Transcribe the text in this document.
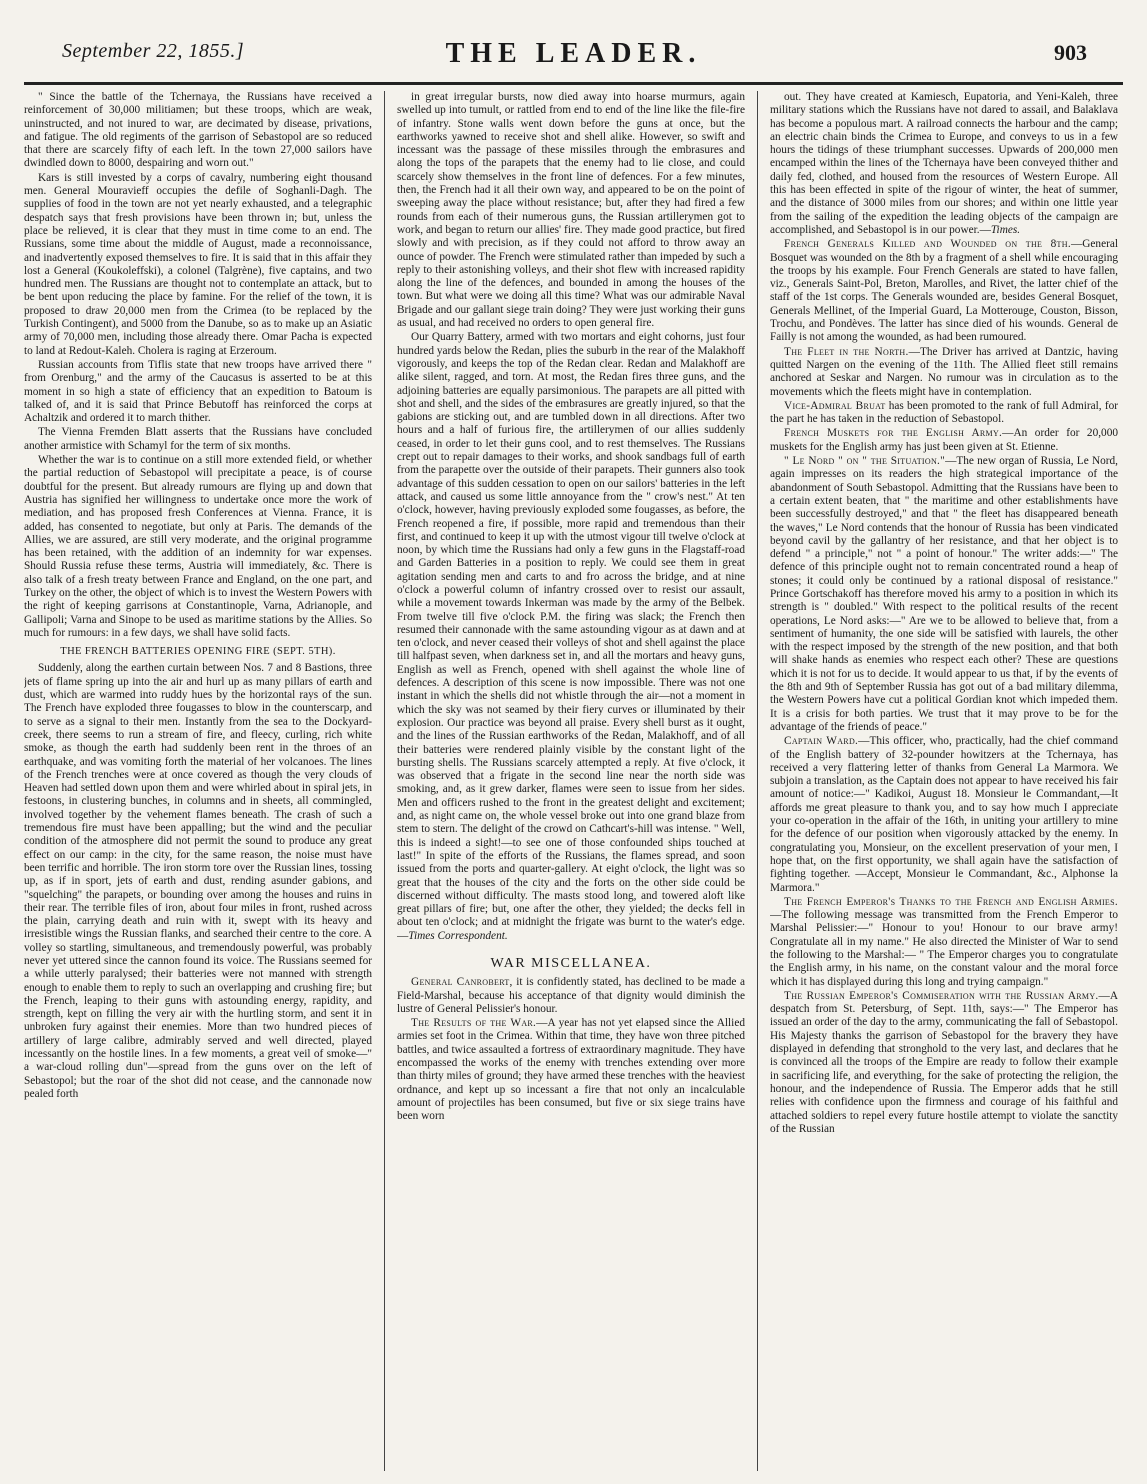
September 22, 1855.]	THE LEADER.	903

" Since the battle of the Tchernaya, the Russians have received a reinforcement of 30,000 militiamen; but these troops, which are weak, uninstructed, and not inured to war, are decimated by disease, privations, and fatigue. The old regiments of the garrison of Sebastopol are so reduced that there are scarcely fifty of each left. In the town 27,000 sailors have dwindled down to 8000, despairing and worn out."

Kars is still invested by a corps of cavalry, numbering eight thousand men. General Mouravieff occupies the defile of Soghanli-Dagh. The supplies of food in the town are not yet nearly exhausted, and a telegraphic despatch says that fresh provisions have been thrown in; but, unless the place be relieved, it is clear that they must in time come to an end. The Russians, some time about the middle of August, made a reconnoissance, and inadvertently exposed themselves to fire. It is said that in this affair they lost a General (Koukoleffski), a colonel (Talgrène), five captains, and two hundred men. The Russians are thought not to contemplate an attack, but to be bent upon reducing the place by famine. For the relief of the town, it is proposed to draw 20,000 men from the Crimea (to be replaced by the Turkish Contingent), and 5000 from the Danube, so as to make up an Asiatic army of 70,000 men, including those already there. Omar Pacha is expected to land at Redout-Kaleh. Cholera is raging at Erzeroum.

Russian accounts from Tiflis state that new troops have arrived there " from Orenburg," and the army of the Caucasus is asserted to be at this moment in so high a state of efficiency that an expedition to Batoum is talked of, and it is said that Prince Bebutoff has reinforced the corps at Achaltzik and ordered it to march thither.

The Vienna Fremden Blatt asserts that the Russians have concluded another armistice with Schamyl for the term of six months.

Whether the war is to continue on a still more extended field, or whether the partial reduction of Sebastopol will precipitate a peace, is of course doubtful for the present. But already rumours are flying up and down that Austria has signified her willingness to undertake once more the work of mediation, and has proposed fresh Conferences at Vienna. France, it is added, has consented to negotiate, but only at Paris. The demands of the Allies, we are assured, are still very moderate, and the original programme has been retained, with the addition of an indemnity for war expenses. Should Russia refuse these terms, Austria will immediately, &c. There is also talk of a fresh treaty between France and England, on the one part, and Turkey on the other, the object of which is to invest the Western Powers with the right of keeping garrisons at Constantinople, Varna, Adrianople, and Gallipoli; Varna and Sinope to be used as maritime stations by the Allies. So much for rumours: in a few days, we shall have solid facts.

THE FRENCH BATTERIES OPENING FIRE (SEPT. 5TH).

Suddenly, along the earthen curtain between Nos. 7 and 8 Bastions, three jets of flame spring up into the air and hurl up as many pillars of earth and dust, which are warmed into ruddy hues by the horizontal rays of the sun. The French have exploded three fougasses to blow in the counterscarp, and to serve as a signal to their men. Instantly from the sea to the Dockyard-creek, there seems to run a stream of fire, and fleecy, curling, rich white smoke, as though the earth had suddenly been rent in the throes of an earthquake, and was vomiting forth the material of her volcanoes. The lines of the French trenches were at once covered as though the very clouds of Heaven had settled down upon them and were whirled about in spiral jets, in festoons, in clustering bunches, in columns and in sheets, all commingled, involved together by the vehement flames beneath. The crash of such a tremendous fire must have been appalling; but the wind and the peculiar condition of the atmosphere did not permit the sound to produce any great effect on our camp: in the city, for the same reason, the noise must have been terrific and horrible. The iron storm tore over the Russian lines, tossing up, as if in sport, jets of earth and dust, rending asunder gabions, and "squelching" the parapets, or bounding over among the houses and ruins in their rear. The terrible files of iron, about four miles in front, rushed across the plain, carrying death and ruin with it, swept with its heavy and irresistible wings the Russian flanks, and searched their centre to the core. A volley so startling, simultaneous, and tremendously powerful, was probably never yet uttered since the cannon found its voice. The Russians seemed for a while utterly paralysed; their batteries were not manned with strength enough to enable them to reply to such an overlapping and crushing fire; but the French, leaping to their guns with astounding energy, rapidity, and strength, kept on filling the very air with the hurtling storm, and sent it in unbroken fury against their enemies. More than two hundred pieces of artillery of large calibre, admirably served and well directed, played incessantly on the hostile lines. In a few moments, a great veil of smoke—" a war-cloud rolling dun"—spread from the guns over on the left of Sebastopol; but the roar of the shot did not cease, and the cannonade now pealed forth

in great irregular bursts, now died away into hoarse murmurs, again swelled up into tumult, or rattled from end to end of the line like the file-fire of infantry. Stone walls went down before the guns at once, but the earthworks yawned to receive shot and shell alike. However, so swift and incessant was the passage of these missiles through the embrasures and along the tops of the parapets that the enemy had to lie close, and could scarcely show themselves in the front line of defences. For a few minutes, then, the French had it all their own way, and appeared to be on the point of sweeping away the place without resistance; but, after they had fired a few rounds from each of their numerous guns, the Russian artillerymen got to work, and began to return our allies' fire. They made good practice, but fired slowly and with precision, as if they could not afford to throw away an ounce of powder. The French were stimulated rather than impeded by such a reply to their astonishing volleys, and their shot flew with increased rapidity along the line of the defences, and bounded in among the houses of the town. But what were we doing all this time? What was our admirable Naval Brigade and our gallant siege train doing? They were just working their guns as usual, and had received no orders to open general fire.

Our Quarry Battery, armed with two mortars and eight cohorns, just four hundred yards below the Redan, plies the suburb in the rear of the Malakhoff vigorously, and keeps the top of the Redan clear. Redan and Malakhoff are alike silent, ragged, and torn. At most, the Redan fires three guns, and the adjoining batteries are equally parsimonious. The parapets are all pitted with shot and shell, and the sides of the embrasures are greatly injured, so that the gabions are sticking out, and are tumbled down in all directions. After two hours and a half of furious fire, the artillerymen of our allies suddenly ceased, in order to let their guns cool, and to rest themselves. The Russians crept out to repair damages to their works, and shook sandbags full of earth from the parapette over the outside of their parapets. Their gunners also took advantage of this sudden cessation to open on our sailors' batteries in the left attack, and caused us some little annoyance from the " crow's nest." At ten o'clock, however, having previously exploded some fougasses, as before, the French reopened a fire, if possible, more rapid and tremendous than their first, and continued to keep it up with the utmost vigour till twelve o'clock at noon, by which time the Russians had only a few guns in the Flagstaff-road and Garden Batteries in a position to reply. We could see them in great agitation sending men and carts to and fro across the bridge, and at nine o'clock a powerful column of infantry crossed over to resist our assault, while a movement towards Inkerman was made by the army of the Belbek. From twelve till five o'clock P.M. the firing was slack; the French then resumed their cannonade with the same astounding vigour as at dawn and at ten o'clock, and never ceased their volleys of shot and shell against the place till halfpast seven, when darkness set in, and all the mortars and heavy guns, English as well as French, opened with shell against the whole line of defences. A description of this scene is now impossible. There was not one instant in which the shells did not whistle through the air—not a moment in which the sky was not seamed by their fiery curves or illuminated by their explosion. Our practice was beyond all praise. Every shell burst as it ought, and the lines of the Russian earthworks of the Redan, Malakhoff, and of all their batteries were rendered plainly visible by the constant light of the bursting shells. The Russians scarcely attempted a reply. At five o'clock, it was observed that a frigate in the second line near the north side was smoking, and, as it grew darker, flames were seen to issue from her sides. Men and officers rushed to the front in the greatest delight and excitement; and, as night came on, the whole vessel broke out into one grand blaze from stem to stern. The delight of the crowd on Cathcart's-hill was intense. " Well, this is indeed a sight!—to see one of those confounded ships touched at last!" In spite of the efforts of the Russians, the flames spread, and soon issued from the ports and quarter-gallery. At eight o'clock, the light was so great that the houses of the city and the forts on the other side could be discerned without difficulty. The masts stood long, and towered aloft like great pillars of fire; but, one after the other, they yielded; the decks fell in about ten o'clock; and at midnight the frigate was burnt to the water's edge.—Times Correspondent.

WAR MISCELLANEA.

General Canrobert, it is confidently stated, has declined to be made a Field-Marshal, because his acceptance of that dignity would diminish the lustre of General Pelissier's honour.

The Results of the War.—A year has not yet elapsed since the Allied armies set foot in the Crimea. Within that time, they have won three pitched battles, and twice assaulted a fortress of extraordinary magnitude. They have encompassed the works of the enemy with trenches extending over more than thirty miles of ground; they have armed these trenches with the heaviest ordnance, and kept up so incessant a fire that not only an incalculable amount of projectiles has been consumed, but five or six siege trains have been worn

out. They have created at Kamiesch, Eupatoria, and Yeni-Kaleh, three military stations which the Russians have not dared to assail, and Balaklava has become a populous mart. A railroad connects the harbour and the camp; an electric chain binds the Crimea to Europe, and conveys to us in a few hours the tidings of these triumphant successes. Upwards of 200,000 men encamped within the lines of the Tchernaya have been conveyed thither and daily fed, clothed, and housed from the resources of Western Europe. All this has been effected in spite of the rigour of winter, the heat of summer, and the distance of 3000 miles from our shores; and within one little year from the sailing of the expedition the leading objects of the campaign are accomplished, and Sebastopol is in our power.—Times.

French Generals Killed and Wounded on the 8th.—General Bosquet was wounded on the 8th by a fragment of a shell while encouraging the troops by his example. Four French Generals are stated to have fallen, viz., Generals Saint-Pol, Breton, Marolles, and Rivet, the latter chief of the staff of the 1st corps. The Generals wounded are, besides General Bosquet, Generals Mellinet, of the Imperial Guard, La Motterouge, Couston, Bisson, Trochu, and Pondèves. The latter has since died of his wounds. General de Failly is not among the wounded, as had been rumoured.

The Fleet in the North.—The Driver has arrived at Dantzic, having quitted Nargen on the evening of the 11th. The Allied fleet still remains anchored at Seskar and Nargen. No rumour was in circulation as to the movements which the fleets might have in contemplation.

Vice-Admiral Bruat has been promoted to the rank of full Admiral, for the part he has taken in the reduction of Sebastopol.

French Muskets for the English Army.—An order for 20,000 muskets for the English army has just been given at St. Etienne.

" Le Nord " on " the Situation."—The new organ of Russia, Le Nord, again impresses on its readers the high strategical importance of the abandonment of South Sebastopol. Admitting that the Russians have been to a certain extent beaten, that " the maritime and other establishments have been successfully destroyed," and that " the fleet has disappeared beneath the waves," Le Nord contends that the honour of Russia has been vindicated beyond cavil by the gallantry of her resistance, and that her object is to defend " a principle," not " a point of honour." The writer adds:—" The defence of this principle ought not to remain concentrated round a heap of stones; it could only be continued by a rational disposal of resistance." Prince Gortschakoff has therefore moved his army to a position in which its strength is " doubled." With respect to the political results of the recent operations, Le Nord asks:—" Are we to be allowed to believe that, from a sentiment of humanity, the one side will be satisfied with laurels, the other with the respect imposed by the strength of the new position, and that both will shake hands as enemies who respect each other? These are questions which it is not for us to decide. It would appear to us that, if by the events of the 8th and 9th of September Russia has got out of a bad military dilemma, the Western Powers have cut a political Gordian knot which impeded them. It is a crisis for both parties. We trust that it may prove to be for the advantage of the friends of peace."

Captain Ward.—This officer, who, practically, had the chief command of the English battery of 32-pounder howitzers at the Tchernaya, has received a very flattering letter of thanks from General La Marmora. We subjoin a translation, as the Captain does not appear to have received his fair amount of notice:—" Kadikoi, August 18. Monsieur le Commandant,—It affords me great pleasure to thank you, and to say how much I appreciate your co-operation in the affair of the 16th, in uniting your artillery to mine for the defence of our position when vigorously attacked by the enemy. In congratulating you, Monsieur, on the excellent preservation of your men, I hope that, on the first opportunity, we shall again have the satisfaction of fighting together. —Accept, Monsieur le Commandant, &c., Alphonse la Marmora."

The French Emperor's Thanks to the French and English Armies.—The following message was transmitted from the French Emperor to Marshal Pelissier:—" Honour to you! Honour to our brave army! Congratulate all in my name." He also directed the Minister of War to send the following to the Marshal:— " The Emperor charges you to congratulate the English army, in his name, on the constant valour and the moral force which it has displayed during this long and trying campaign."

The Russian Emperor's Commiseration with the Russian Army.—A despatch from St. Petersburg, of Sept. 11th, says:—" The Emperor has issued an order of the day to the army, communicating the fall of Sebastopol. His Majesty thanks the garrison of Sebastopol for the bravery they have displayed in defending that stronghold to the very last, and declares that he is convinced all the troops of the Empire are ready to follow their example in sacrificing life, and everything, for the sake of protecting the religion, the honour, and the independence of Russia. The Emperor adds that he still relies with confidence upon the firmness and courage of his faithful and attached soldiers to repel every future hostile attempt to violate the sanctity of the Russian
